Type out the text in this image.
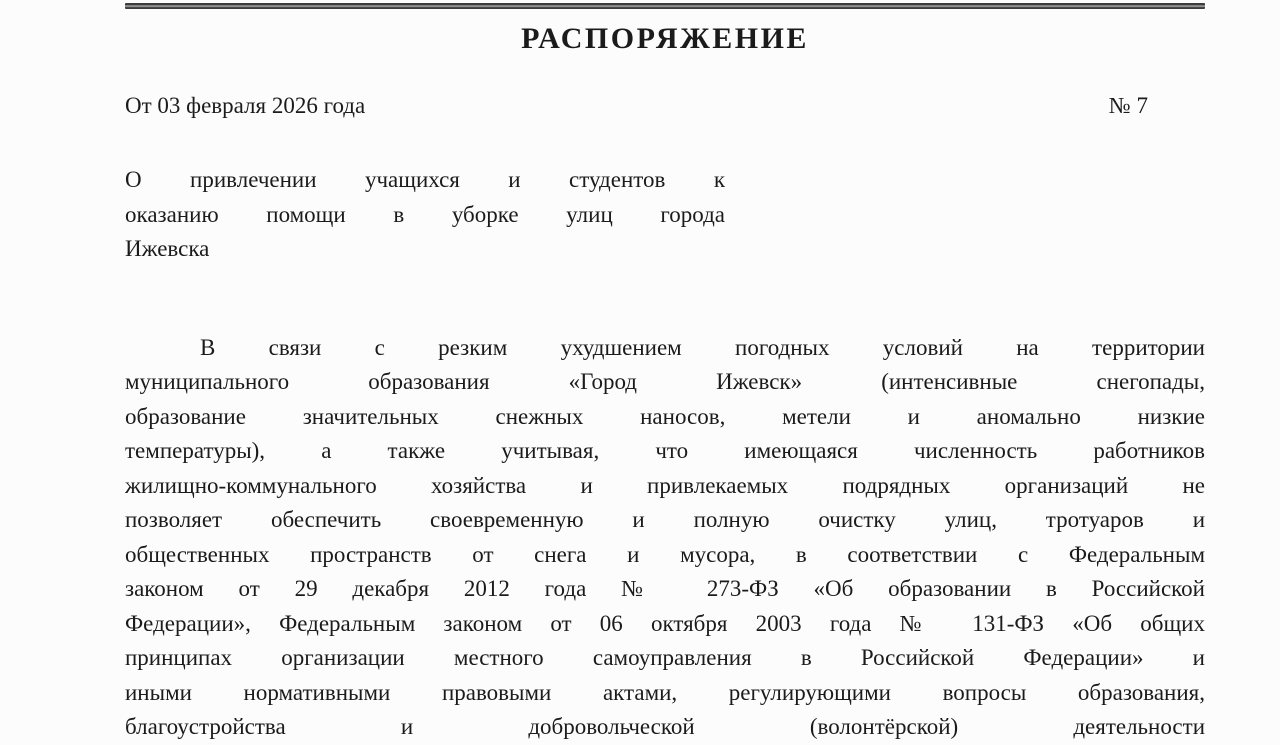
РАСПОРЯЖЕНИЕ
От 03 февраля 2026 года	№ 7
О привлечении учащихся и студентов к
оказанию помощи в уборке улиц города
Ижевска
В связи с резким ухудшением погодных условий на территории
муниципального образования «Город Ижевск» (интенсивные снегопады,
образование значительных снежных наносов, метели и аномально низкие
температуры), а также учитывая, что имеющаяся численность работников
жилищно-коммунального хозяйства и привлекаемых подрядных организаций не
позволяет обеспечить своевременную и полную очистку улиц, тротуаров и
общественных пространств от снега и мусора, в соответствии с Федеральным
законом от 29 декабря 2012 года № 273-ФЗ «Об образовании в Российской
Федерации», Федеральным законом от 06 октября 2003 года № 131-ФЗ «Об общих
принципах организации местного самоуправления в Российской Федерации» и
иными нормативными правовыми актами, регулирующими вопросы образования,
благоустройства и добровольческой (волонтёрской) деятельности
